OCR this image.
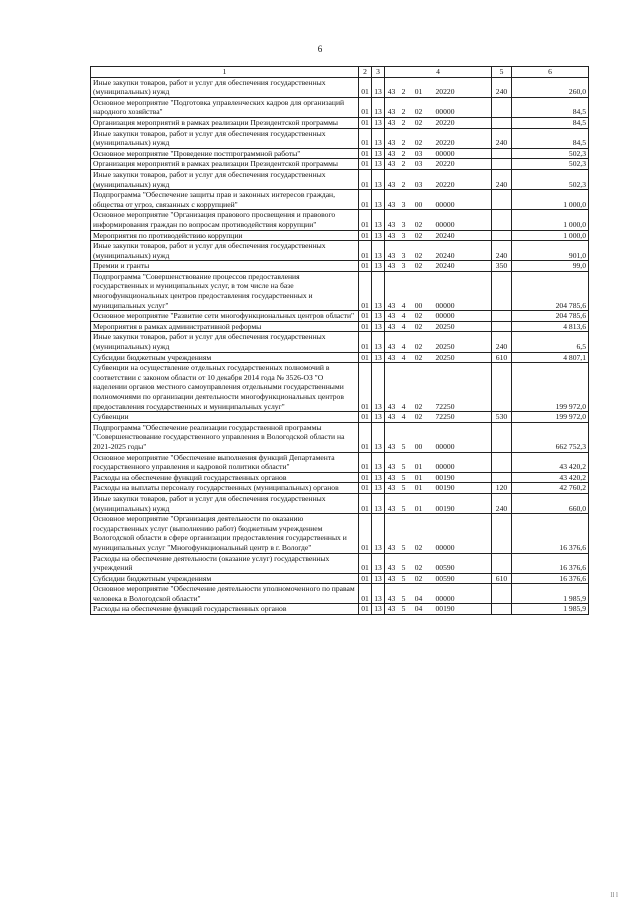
6
1	2	3	4	5	6
Иные закупки товаров, работ и услуг для обеспечения государственных (муниципальных) нужд	01	13	43 2 01 20220	240	260,0
Основное мероприятие "Подготовка управленческих кадров для организаций народного хозяйства"	01	13	43 2 02 00000		84,5
Организация мероприятий в рамках реализации Президентской программы	01	13	43 2 02 20220		84,5
Иные закупки товаров, работ и услуг для обеспечения государственных (муниципальных) нужд	01	13	43 2 02 20220	240	84,5
Основное мероприятие "Проведение постпрограммной работы"	01	13	43 2 03 00000		502,3
Организация мероприятий в рамках реализации Президентской программы	01	13	43 2 03 20220		502,3
Иные закупки товаров, работ и услуг для обеспечения государственных (муниципальных) нужд	01	13	43 2 03 20220	240	502,3
Подпрограмма "Обеспечение защиты прав и законных интересов граждан, общества от угроз, связанных с коррупцией"	01	13	43 3 00 00000		1 000,0
Основное мероприятие "Организация правового просвещения и правового информирования граждан по вопросам противодействия коррупции"	01	13	43 3 02 00000		1 000,0
Мероприятия по противодействию коррупции	01	13	43 3 02 20240		1 000,0
Иные закупки товаров, работ и услуг для обеспечения государственных (муниципальных) нужд	01	13	43 3 02 20240	240	901,0
Премии и гранты	01	13	43 3 02 20240	350	99,0
Подпрограмма "Совершенствование процессов предоставления государственных и муниципальных услуг, в том числе на базе многофункциональных центров предоставления государственных и муниципальных услуг"	01	13	43 4 00 00000		204 785,6
Основное мероприятие "Развитие сети многофункциональных центров области"	01	13	43 4 02 00000		204 785,6
Мероприятия в рамках административной реформы	01	13	43 4 02 20250		4 813,6
Иные закупки товаров, работ и услуг для обеспечения государственных (муниципальных) нужд	01	13	43 4 02 20250	240	6,5
Субсидии бюджетным учреждениям	01	13	43 4 02 20250	610	4 807,1
Субвенции на осуществление отдельных государственных полномочий в соответствии с законом области от 10 декабря 2014 года № 3526-ОЗ "О наделении органов местного самоуправления отдельными государственными полномочиями по организации деятельности многофункциональных центров предоставления государственных и муниципальных услуг"	01	13	43 4 02 72250		199 972,0
Субвенции	01	13	43 4 02 72250	530	199 972,0
Подпрограмма "Обеспечение реализации государственной программы "Совершенствование государственного управления в Вологодской области на 2021-2025 годы"	01	13	43 5 00 00000		662 752,3
Основное мероприятие "Обеспечение выполнения функций Департамента государственного управления и кадровой политики области"	01	13	43 5 01 00000		43 420,2
Расходы на обеспечение функций государственных органов	01	13	43 5 01 00190		43 420,2
Расходы на выплаты персоналу государственных (муниципальных) органов	01	13	43 5 01 00190	120	42 760,2
Иные закупки товаров, работ и услуг для обеспечения государственных (муниципальных) нужд	01	13	43 5 01 00190	240	660,0
Основное мероприятие "Организация деятельности по оказанию государственных услуг (выполнению работ) бюджетным учреждением Вологодской области в сфере организации предоставления государственных и муниципальных услуг "Многофункциональный центр в г. Вологде"	01	13	43 5 02 00000		16 376,6
Расходы на обеспечение деятельности (оказание услуг) государственных учреждений	01	13	43 5 02 00590		16 376,6
Субсидии бюджетным учреждениям	01	13	43 5 02 00590	610	16 376,6
Основное мероприятие "Обеспечение деятельности уполномоченного по правам человека в Вологодской области"	01	13	43 5 04 00000		1 985,9
Расходы на обеспечение функций государственных органов	01	13	43 5 04 00190		1 985,9
ll l
